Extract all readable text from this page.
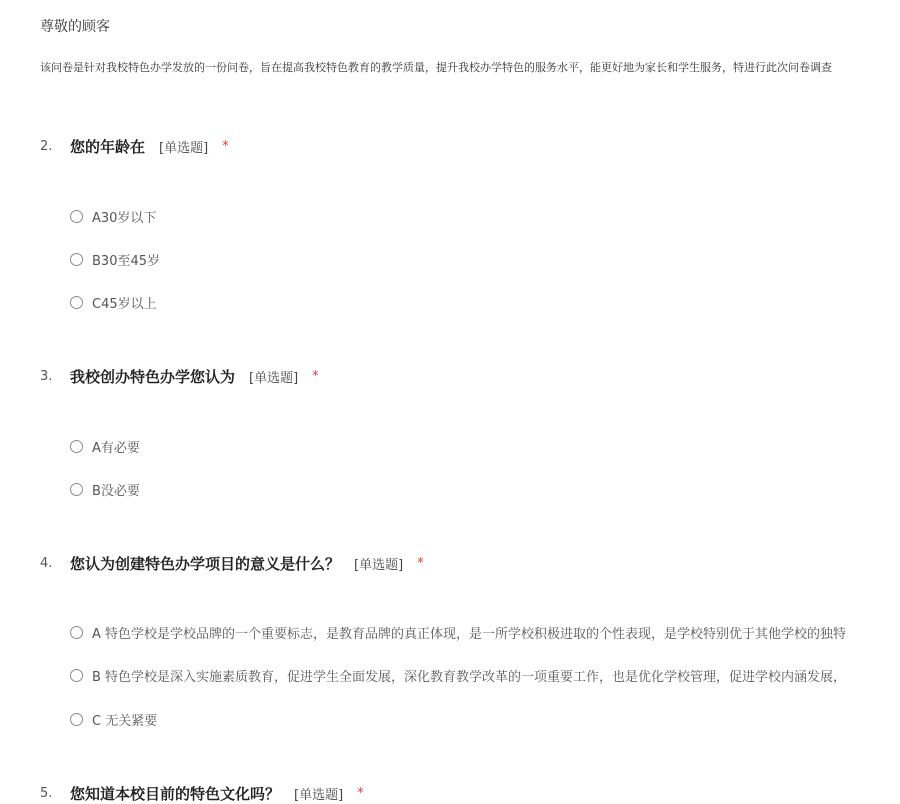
尊敬的顾客
该问卷是针对我校特色办学发放的一份问卷，旨在提高我校特色教育的教学质量，提升我校办学特色的服务水平，能更好地为家长和学生服务，特进行此次问卷调查
2.	您的年龄在 [单选题] *
A30岁以下
B30至45岁
C45岁以上
3.	我校创办特色办学您认为 [单选题] *
A有必要
B没必要
4.	您认为创建特色办学项目的意义是什么？ [单选题] *
A 特色学校是学校品牌的一个重要标志，是教育品牌的真正体现，是一所学校积极进取的个性表现，是学校特别优于其他学校的独特
B 特色学校是深入实施素质教育，促进学生全面发展，深化教育教学改革的一项重要工作，也是优化学校管理，促进学校内涵发展，
C 无关紧要
5.	您知道本校目前的特色文化吗？ [单选题] *
